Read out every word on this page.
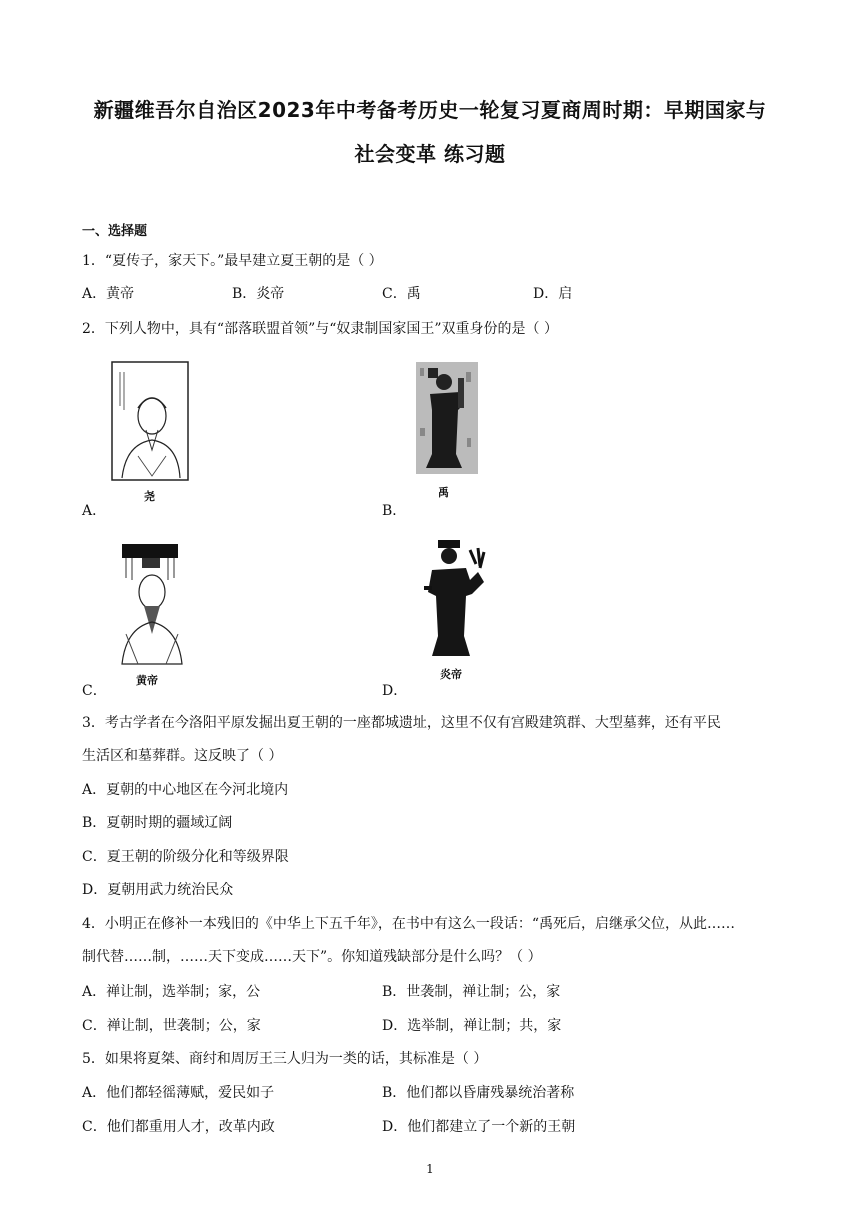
新疆维吾尔自治区2023年中考备考历史一轮复习夏商周时期：早期国家与
社会变革 练习题
一、选择题
1．“夏传子，家天下。”最早建立夏王朝的是（ ）
A．黄帝	B．炎帝	C．禹	D．启
2．下列人物中，具有“部落联盟首领”与“奴隶制国家国王”双重身份的是（ ）
A．
尧
B．
禹
C．
黄帝
D．
炎帝
3．考古学者在今洛阳平原发掘出夏王朝的一座都城遗址，这里不仅有宫殿建筑群、大型墓葬，还有平民
生活区和墓葬群。这反映了（ ）
A．夏朝的中心地区在今河北境内
B．夏朝时期的疆域辽阔
C．夏王朝的阶级分化和等级界限
D．夏朝用武力统治民众
4．小明正在修补一本残旧的《中华上下五千年》，在书中有这么一段话：“禹死后，启继承父位，从此……
制代替……制，……天下变成……天下”。你知道残缺部分是什么吗？（ ）
A．禅让制，选举制；家，公	B．世袭制，禅让制；公，家
C．禅让制，世袭制；公，家	D．选举制，禅让制；共，家
5．如果将夏桀、商纣和周厉王三人归为一类的话，其标准是（ ）
A．他们都轻徭薄赋，爱民如子	B．他们都以昏庸残暴统治著称
C．他们都重用人才，改革内政	D．他们都建立了一个新的王朝
1
